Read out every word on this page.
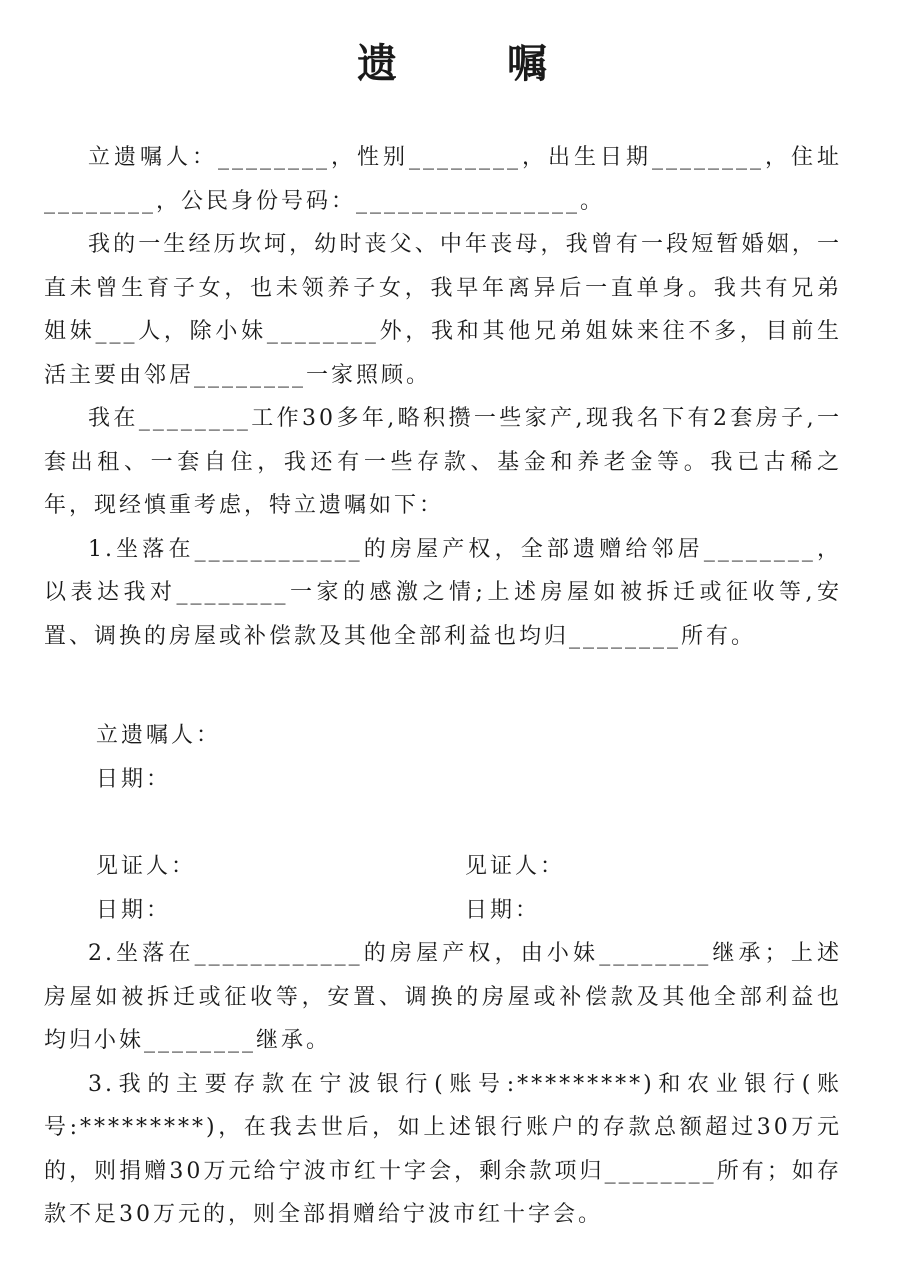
遗 嘱

立遗嘱人：________，性别________，出生日期________，住址________，公民身份号码：________________。

我的一生经历坎坷，幼时丧父、中年丧母，我曾有一段短暂婚姻，一直未曾生育子女，也未领养子女，我早年离异后一直单身。我共有兄弟姐妹___人，除小妹________外，我和其他兄弟姐妹来往不多，目前生活主要由邻居________一家照顾。

我在________工作30多年,略积攒一些家产,现我名下有2套房子,一套出租、一套自住，我还有一些存款、基金和养老金等。我已古稀之年，现经慎重考虑，特立遗嘱如下：

1.坐落在____________的房屋产权，全部遗赠给邻居________，以表达我对________一家的感激之情;上述房屋如被拆迁或征收等,安置、调换的房屋或补偿款及其他全部利益也均归________所有。

立遗嘱人：

日期：

见证人：	见证人：
日期：	日期：

2.坐落在____________的房屋产权，由小妹________继承；上述房屋如被拆迁或征收等，安置、调换的房屋或补偿款及其他全部利益也均归小妹________继承。

3.我的主要存款在宁波银行(账号:*********)和农业银行(账号:*********)，在我去世后，如上述银行账户的存款总额超过30万元的，则捐赠30万元给宁波市红十字会，剩余款项归________所有；如存款不足30万元的，则全部捐赠给宁波市红十字会。
